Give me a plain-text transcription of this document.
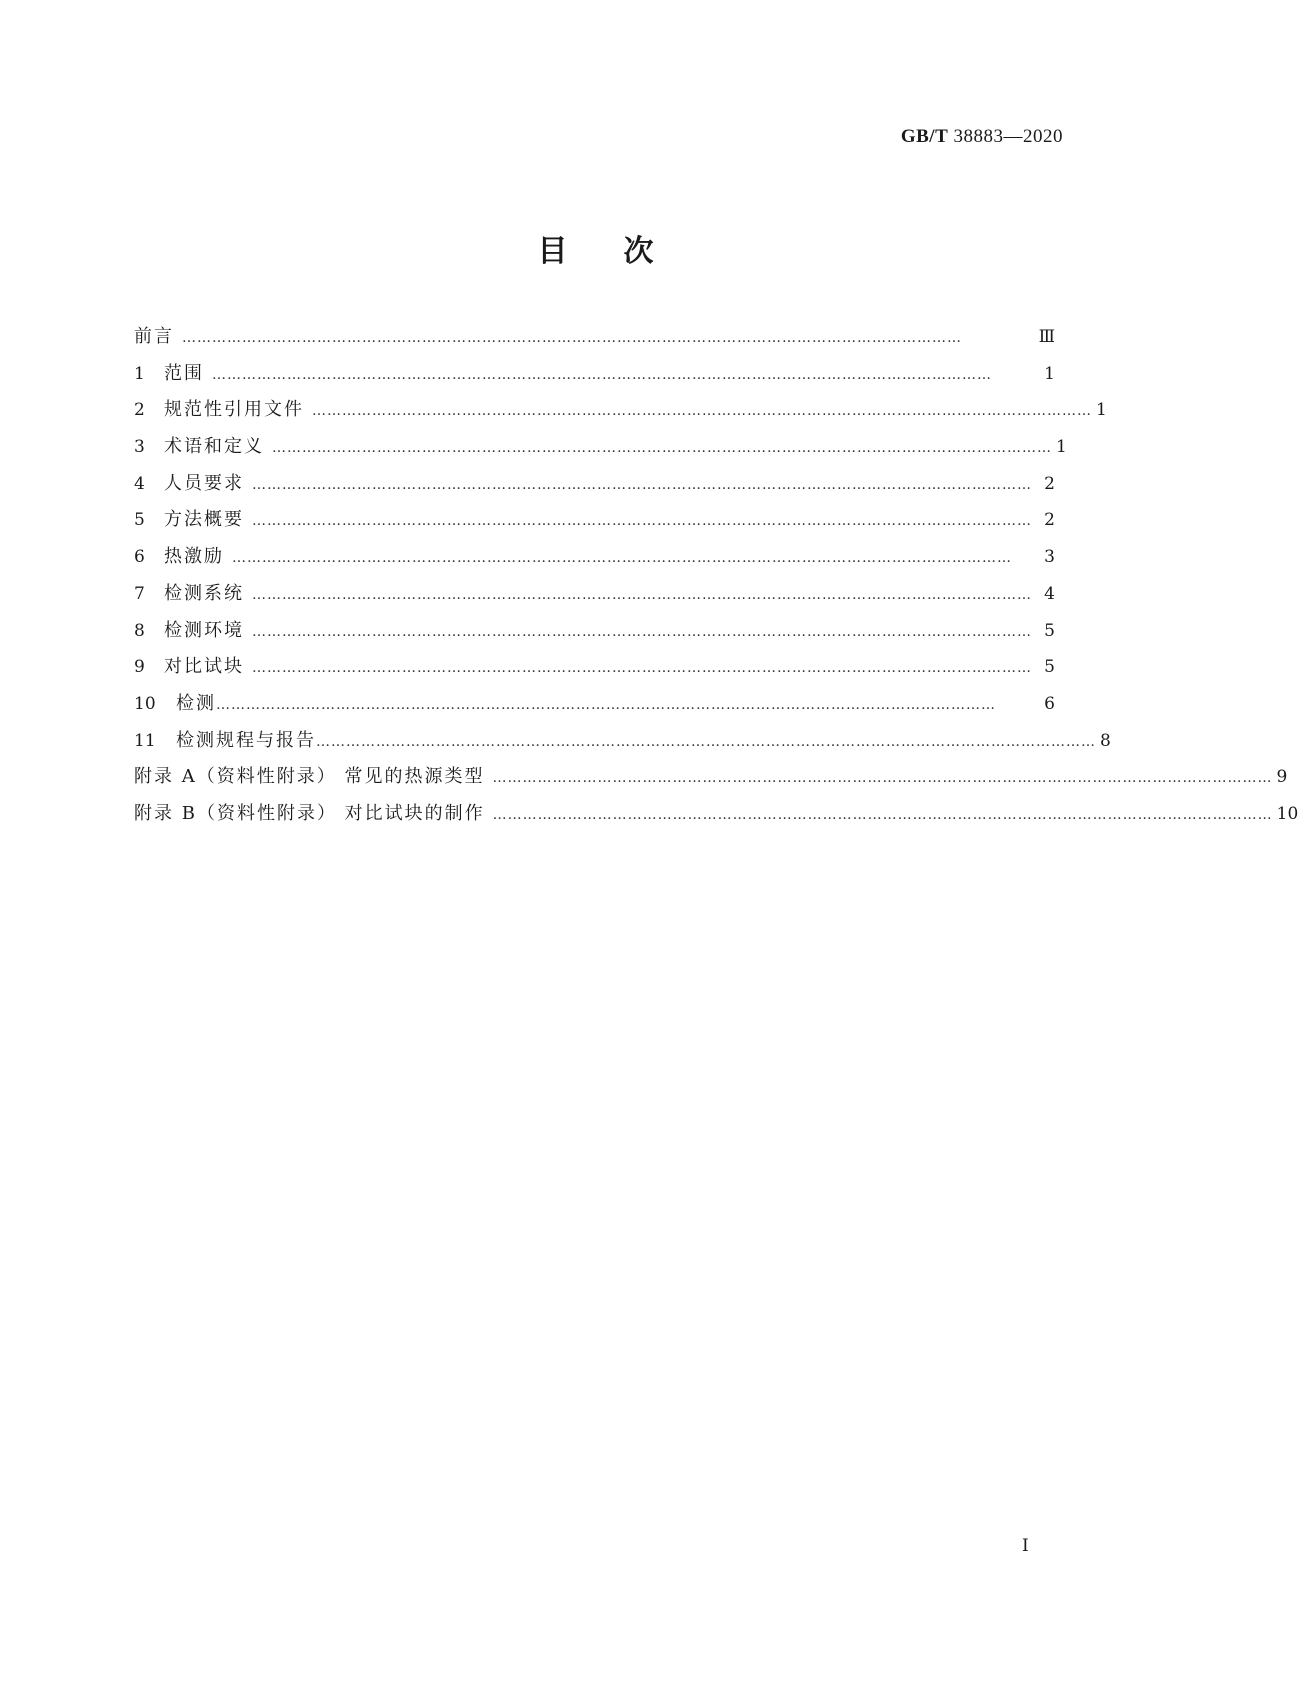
GB/T 38883—2020
目次
前言 …………………………………………………………………………………………………………………………………………	Ⅲ
1 范围 …………………………………………………………………………………………………………………………………………	1
2 规范性引用文件 ………………………………………………………………………………………………………………………………………… 1
3 术语和定义 ………………………………………………………………………………………………………………………………………… 1
4 人员要求 ………………………………………………………………………………………………………………………………………… 2
5 方法概要 ………………………………………………………………………………………………………………………………………… 2
6 热激励 …………………………………………………………………………………………………………………………………………	3
7 检测系统 ………………………………………………………………………………………………………………………………………… 4
8 检测环境 ………………………………………………………………………………………………………………………………………… 5
9 对比试块 ………………………………………………………………………………………………………………………………………… 5
10 检测 …………………………………………………………………………………………………………………………………………	6
11 检测规程与报告 ………………………………………………………………………………………………………………………………………… 8
附录 A（资料性附录） 常见的热源类型 ………………………………………………………………………………………………………………………………………… 9
附录 B（资料性附录） 对比试块的制作 ………………………………………………………………………………………………………………………………………… 10
I
